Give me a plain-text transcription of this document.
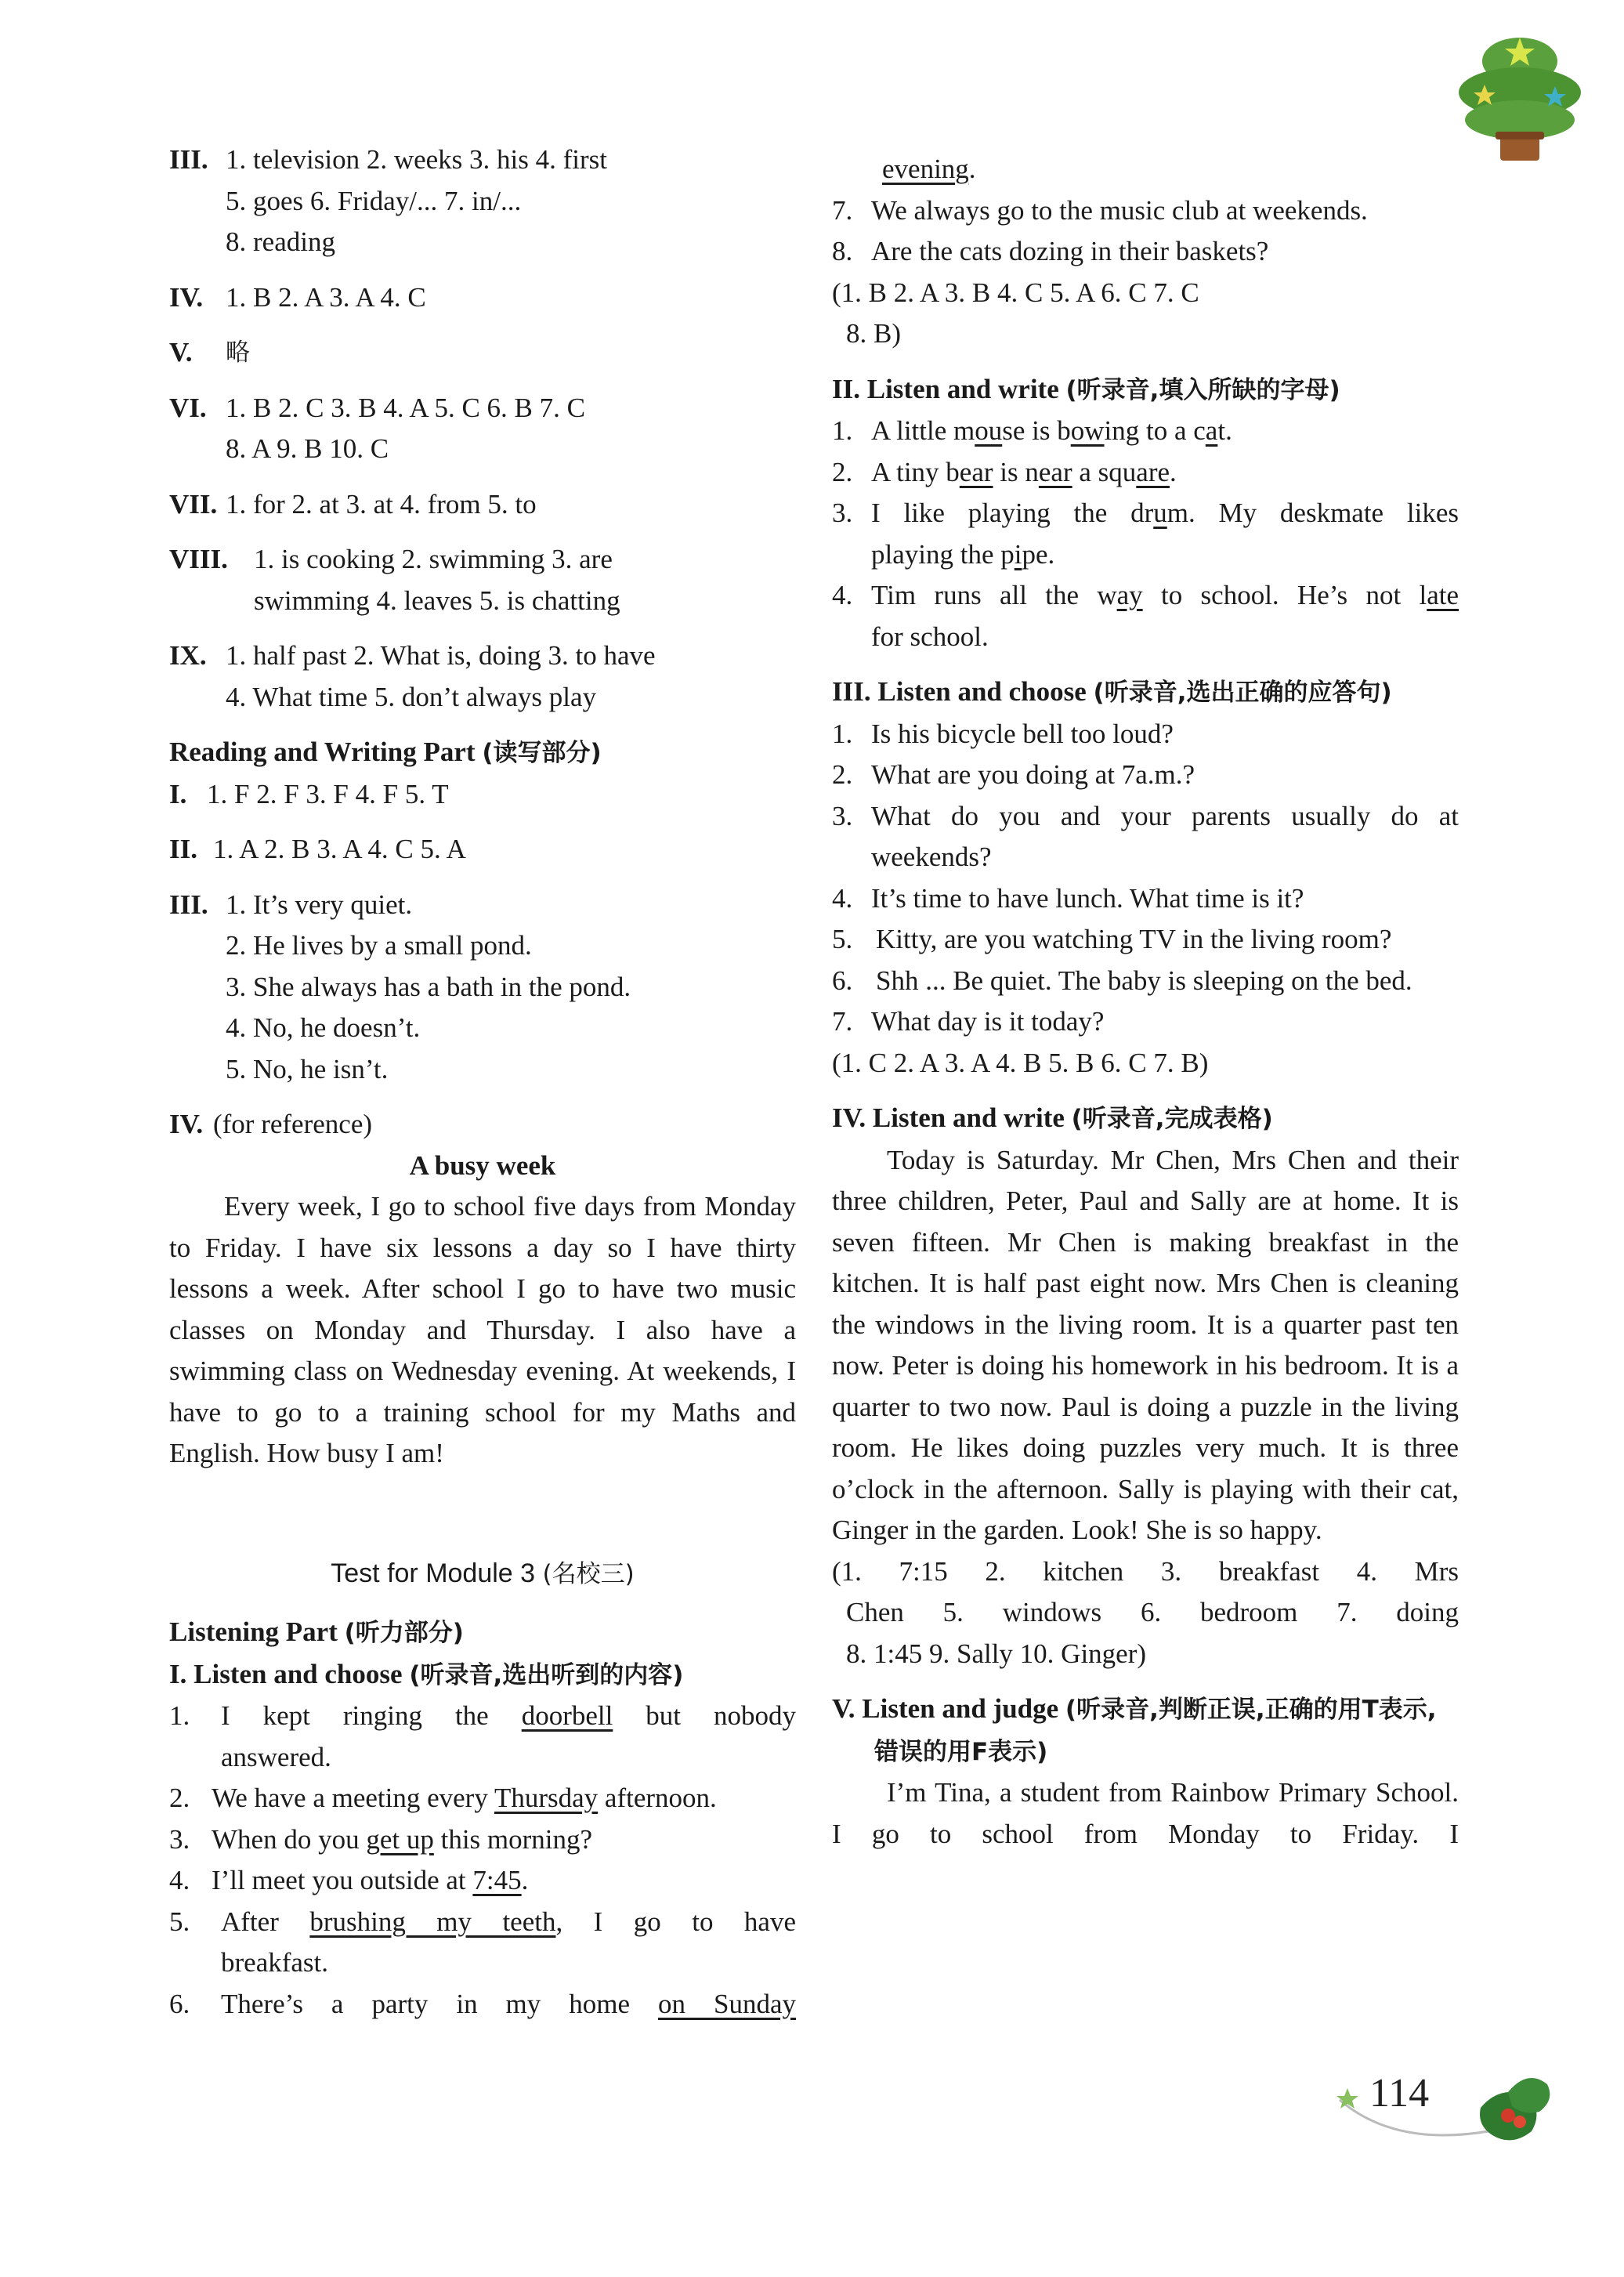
III. 1. television 2. weeks 3. his 4. first
5. goes 6. Friday/... 7. in/...
8. reading
IV. 1. B 2. A 3. A 4. C
V. 略
VI. 1. B 2. C 3. B 4. A 5. C 6. B 7. C
8. A 9. B 10. C
VII. 1. for 2. at 3. at 4. from 5. to
VIII. 1. is cooking 2. swimming 3. are
swimming 4. leaves 5. is chatting
IX. 1. half past 2. What is, doing 3. to have
4. What time 5. don’t always play
Reading and Writing Part (读写部分)
I. 1. F 2. F 3. F 4. F 5. T
II. 1. A 2. B 3. A 4. C 5. A
III. 1. It’s very quiet.
2. He lives by a small pond.
3. She always has a bath in the pond.
4. No, he doesn’t.
5. No, he isn’t.
IV. (for reference)
A busy week

Every week, I go to school five days from Monday to Friday. I have six lessons a day so I have thirty lessons a week. After school I go to have two music classes on Monday and Thursday. I also have a swimming class on Wednesday evening. At weekends, I have to go to a training school for my Maths and English. How busy I am!

Test for Module 3 (名校三)
Listening Part (听力部分)
I. Listen and choose (听录音,选出听到的内容)
1. I kept ringing the doorbell but nobody
answered.
2. We have a meeting every Thursday afternoon.
3. When do you get up this morning?
4. I’ll meet you outside at 7:45.
5. After brushing my teeth, I go to have
breakfast.
6. There’s a party in my home on Sunday
evening.
7. We always go to the music club at weekends.
8. Are the cats dozing in their baskets?
(1. B 2. A 3. B 4. C 5. A 6. C 7. C
8. B)
II. Listen and write (听录音,填入所缺的字母)
1. A little mouse is bowing to a cat.
2. A tiny bear is near a square.
3. I like playing the drum. My deskmate likes
playing the pipe.
4. Tim runs all the way to school. He’s not late
for school.
III. Listen and choose (听录音,选出正确的应答句)
1. Is his bicycle bell too loud?
2. What are you doing at 7a.m.?
3. What do you and your parents usually do at weekends?
4. It’s time to have lunch. What time is it?
5. Kitty, are you watching TV in the living room?
6. Shh ... Be quiet. The baby is sleeping on the bed.
7. What day is it today?
(1. C 2. A 3. A 4. B 5. B 6. C 7. B)
IV. Listen and write (听录音,完成表格)

Today is Saturday. Mr Chen, Mrs Chen and their three children, Peter, Paul and Sally are at home. It is seven fifteen. Mr Chen is making breakfast in the kitchen. It is half past eight now. Mrs Chen is cleaning the windows in the living room. It is a quarter past ten now. Peter is doing his homework in his bedroom. It is a quarter to two now. Paul is doing a puzzle in the living room. He likes doing puzzles very much. It is three o’clock in the afternoon. Sally is playing with their cat, Ginger in the garden. Look! She is so happy.

(1. 7:15 2. kitchen 3. breakfast 4. Mrs
Chen 5. windows 6. bedroom 7. doing
8. 1:45 9. Sally 10. Ginger)
V. Listen and judge (听录音,判断正误,正确的用T表示,错误的用F表示)

I’m Tina, a student from Rainbow Primary School. I go to school from Monday to Friday. I

114
